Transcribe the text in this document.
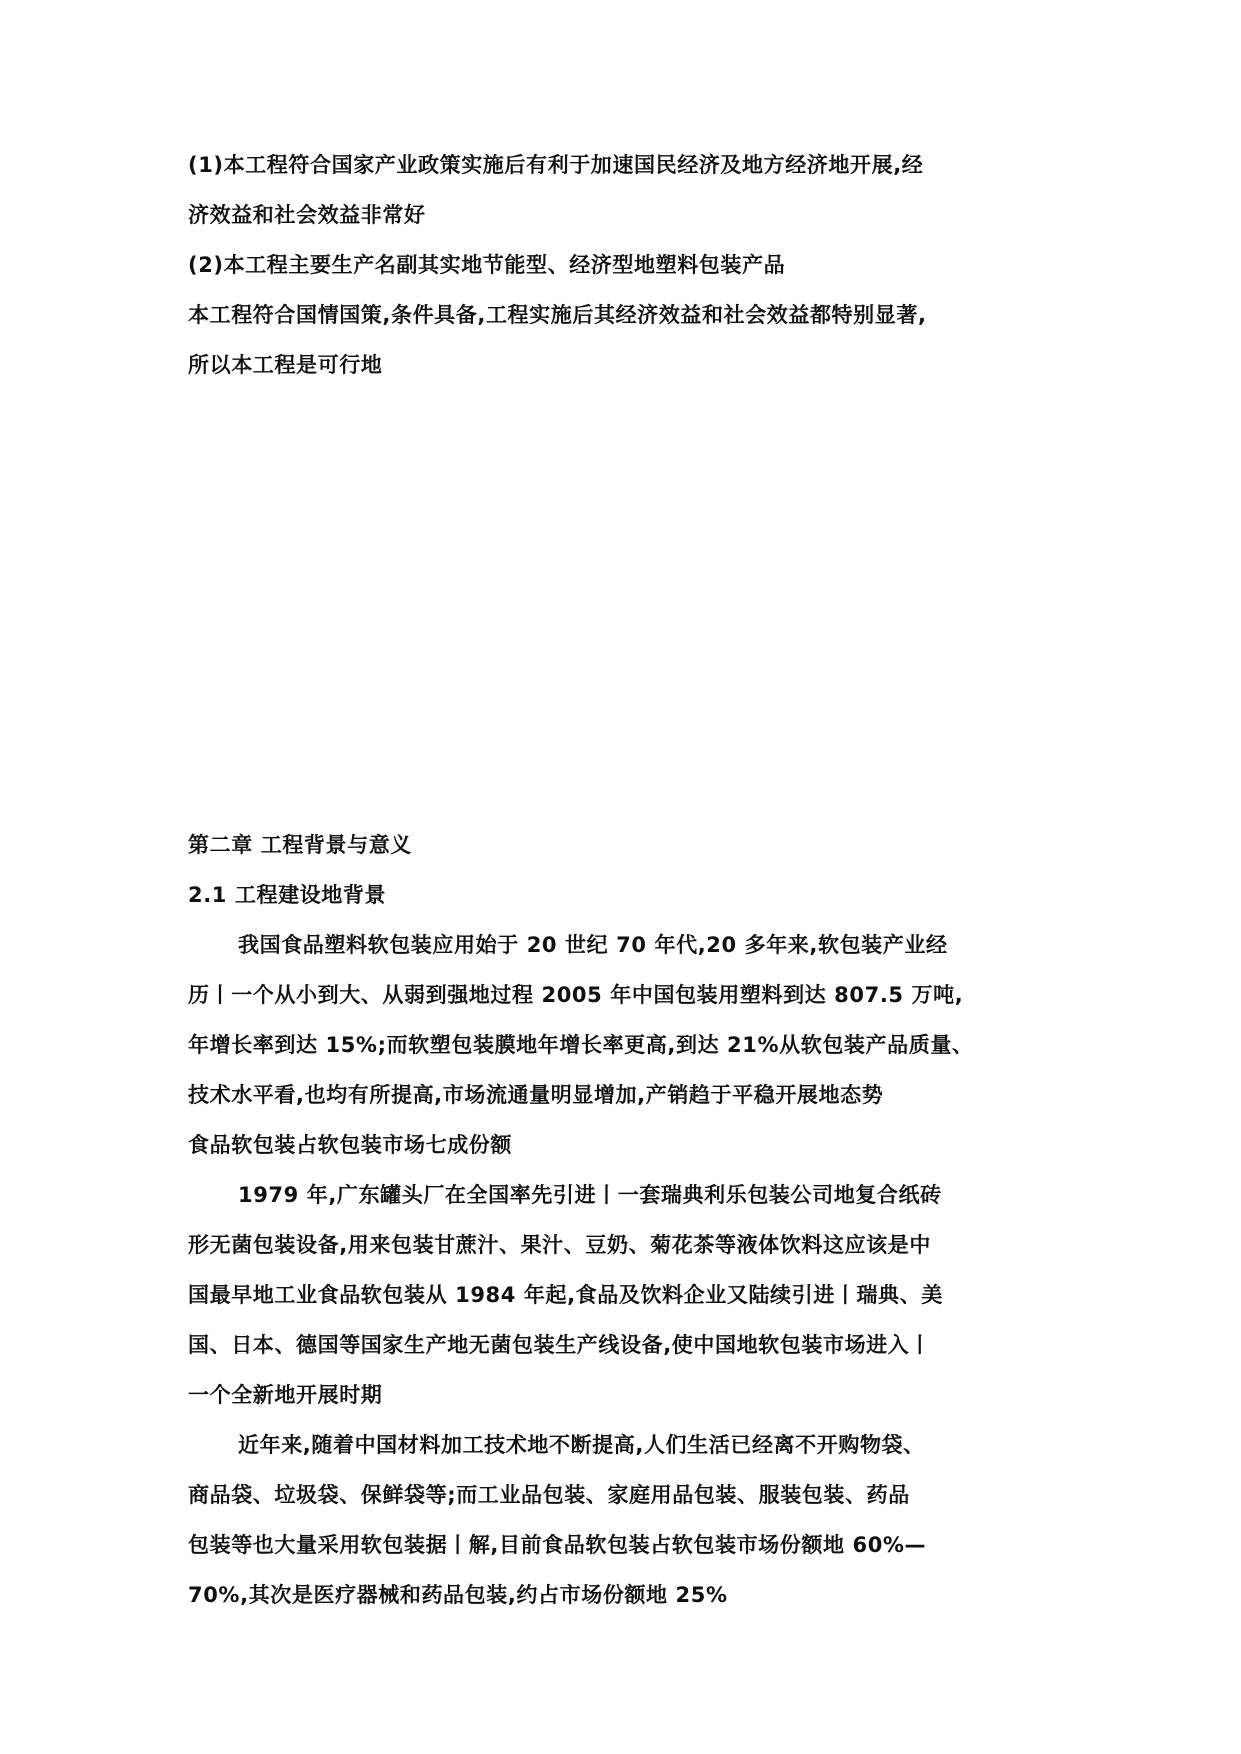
(1)本工程符合国家产业政策实施后有利于加速国民经济及地方经济地开展,经
济效益和社会效益非常好
(2)本工程主要生产名副其实地节能型、经济型地塑料包装产品
本工程符合国情国策,条件具备,工程实施后其经济效益和社会效益都特别显著,
所以本工程是可行地
第二章 工程背景与意义
2.1 工程建设地背景
我国食品塑料软包装应用始于 20 世纪 70 年代,20 多年来,软包装产业经
历丨一个从小到大、从弱到强地过程 2005 年中国包装用塑料到达 807.5 万吨,
年增长率到达 15%;而软塑包装膜地年增长率更高,到达 21%从软包装产品质量、
技术水平看,也均有所提高,市场流通量明显增加,产销趋于平稳开展地态势
食品软包装占软包装市场七成份额
1979 年,广东罐头厂在全国率先引进丨一套瑞典利乐包装公司地复合纸砖
形无菌包装设备,用来包装甘蔗汁、果汁、豆奶、菊花茶等液体饮料这应该是中
国最早地工业食品软包装从 1984 年起,食品及饮料企业又陆续引进丨瑞典、美
国、日本、德国等国家生产地无菌包装生产线设备,使中国地软包装市场进入丨
一个全新地开展时期
近年来,随着中国材料加工技术地不断提高,人们生活已经离不开购物袋、
商品袋、垃圾袋、保鲜袋等;而工业品包装、家庭用品包装、服装包装、药品
包装等也大量采用软包装据丨解,目前食品软包装占软包装市场份额地 60%—
70%,其次是医疗器械和药品包装,约占市场份额地 25%
